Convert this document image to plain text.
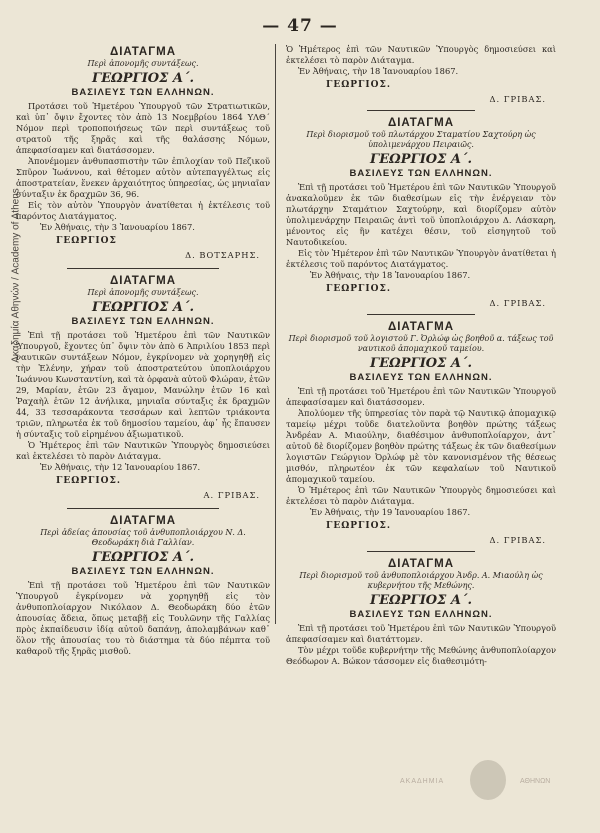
— 47 —
Ακαδημία Αθηνών / Academy of Athens
ΔΙΑΤΑΓΜΑ
Περὶ ἀπονομῆς συντάξεως.
ΓΕΩΡΓΙΟΣ Α΄.
ΒΑΣΙΛΕΥΣ ΤΩΝ ΕΛΛΗΝΩΝ.

Προτάσει τοῦ Ἡμετέρου Ὑπουργοῦ τῶν Στρατιωτικῶν, καὶ ὑπ᾽ ὄψιν ἔχοντες τὸν ἀπὸ 13 Νοεμβρίου 1864 ΥΛΘ΄ Νόμον περὶ τροποποιήσεως τῶν περὶ συντάξεως τοῦ στρατοῦ τῆς ξηρᾶς καὶ τῆς θαλάσσης Νόμων, ἀπεφασίσαμεν καὶ διατάσσομεν.

Ἀπονέμομεν ἀνθυπασπιστὴν τῶν ἐπιλοχίαν τοῦ Πεζικοῦ Σπῦρον Ἰωάννου, καὶ θέτομεν αὐτὸν αὐτεπαγγέλτως εἰς ἀποστρατείαν, ἕνεκεν ἀρχαιότητος ὑπηρεσίας, ὡς μηνιαῖαν σύνταξιν ἐκ δραχμῶν 36, 96.

Εἰς τὸν αὐτὸν Ὑπουργὸν ἀνατίθεται ἡ ἐκτέλεσις τοῦ παρόντος Διατάγματος.

Ἐν Ἀθήναις, τὴν 3 Ἰανουαρίου 1867.

ΓΕΩΡΓΙΟΣ
Δ. ΒΟΤΣΑΡΗΣ.
ΔΙΑΤΑΓΜΑ
Περὶ ἀπονομῆς συντάξεως.
ΓΕΩΡΓΙΟΣ Α΄.
ΒΑΣΙΛΕΥΣ ΤΩΝ ΕΛΛΗΝΩΝ.

Ἐπὶ τῇ προτάσει τοῦ Ἡμετέρου ἐπὶ τῶν Ναυτικῶν Ὑπουργοῦ, ἔχοντες ὑπ᾽ ὄψιν τὸν ἀπὸ 6 Ἀπριλίου 1853 περὶ ναυτικῶν συντάξεων Νόμον, ἐγκρίνομεν νὰ χορηγηθῇ εἰς τὴν Ἑλένην, χήραν τοῦ ἀποστρατεύτου ὑποπλοιάρχου Ἰωάννου Κωνσταντίνη, καὶ τὰ ὀρφανὰ αὐτοῦ Φλώραν, ἐτῶν 29, Μαρίαν, ἐτῶν 23 ἄγαμον, Μανώλην ἐτῶν 16 καὶ Ῥαχαὴλ ἐτῶν 12 ἀνήλικα, μηνιαῖα σύνταξις ἐκ δραχμῶν 44, 33 τεσσαράκοντα τεσσάρων καὶ λεπτῶν τριάκοντα τριῶν, πληρωτέα ἐκ τοῦ δημοσίου ταμείου, ἀφ᾽ ἧς ἔπαυσεν ἡ σύνταξις τοῦ εἰρημένου ἀξιωματικοῦ.

Ὁ Ἡμέτερος ἐπὶ τῶν Ναυτικῶν Ὑπουργὸς δημοσιεύσει καὶ ἐκτελέσει τὸ παρὸν Διάταγμα.

Ἐν Ἀθήναις, τὴν 12 Ἰανουαρίου 1867.

ΓΕΩΡΓΙΟΣ.
Α. ΓΡΙΒΑΣ.
ΔΙΑΤΑΓΜΑ
Περὶ ἀδείας ἀπουσίας τοῦ ἀνθυποπλοιάρχου Ν. Δ. Θεοδωράκη διὰ Γαλλίαν.
ΓΕΩΡΓΙΟΣ Α΄.
ΒΑΣΙΛΕΥΣ ΤΩΝ ΕΛΛΗΝΩΝ.

Ἐπὶ τῇ προτάσει τοῦ Ἡμετέρου ἐπὶ τῶν Ναυτικῶν Ὑπουργοῦ ἐγκρίνομεν νὰ χορηγηθῇ εἰς τὸν ἀνθυποπλοίαρχον Νικόλαον Δ. Θεοδωράκη δύο ἐτῶν ἀπουσίας ἄδεια, ὅπως μεταβῇ εἰς Τουλῶνην τῆς Γαλλίας πρὸς ἐκπαίδευσιν ἰδίᾳ αὐτοῦ δαπάνῃ, ἀπολαμβάνων καθ᾽ ὅλον τῆς ἀπουσίας του τὸ διάστημα τὰ δύο πέμπτα τοῦ καθαροῦ τῆς ξηρᾶς μισθοῦ.

Ὁ Ἡμέτερος ἐπὶ τῶν Ναυτικῶν Ὑπουργὸς δημοσιεύσει καὶ ἐκτελέσει τὸ παρὸν Διάταγμα.

Ἐν Ἀθήναις, τὴν 18 Ἰανουαρίου 1867.

ΓΕΩΡΓΙΟΣ.
Δ. ΓΡΙΒΑΣ.
ΔΙΑΤΑΓΜΑ
Περὶ διορισμοῦ τοῦ πλωτάρχου Σταματίου Σαχτούρη ὡς ὑπολιμενάρχου Πειραιῶς.
ΓΕΩΡΓΙΟΣ Α΄.
ΒΑΣΙΛΕΥΣ ΤΩΝ ΕΛΛΗΝΩΝ.

Ἐπὶ τῇ προτάσει τοῦ Ἡμετέρου ἐπὶ τῶν Ναυτικῶν Ὑπουργοῦ ἀνακαλοῦμεν ἐκ τῶν διαθεσίμων εἰς τὴν ἐνέργειαν τὸν πλωτάρχην Σταμάτιον Σαχτούρην, καὶ διορίζομεν αὐτὸν ὑπολιμενάρχην Πειραιῶς ἀντὶ τοῦ ὑποπλοιάρχου Δ. Λάσκαρη, μένοντος εἰς ἣν κατέχει θέσιν, τοῦ εἰσηγητοῦ τοῦ Ναυτοδικείου.

Εἰς τὸν Ἡμέτερον ἐπὶ τῶν Ναυτικῶν Ὑπουργὸν ἀνατίθεται ἡ ἐκτέλεσις τοῦ παρόντος Διατάγματος.

Ἐν Ἀθήναις, τὴν 18 Ἰανουαρίου 1867.

ΓΕΩΡΓΙΟΣ.
Δ. ΓΡΙΒΑΣ.
ΔΙΑΤΑΓΜΑ
Περὶ διορισμοῦ τοῦ λογιστοῦ Γ. Ὀρλώφ ὡς βοηθοῦ α. τάξεως τοῦ ναυτικοῦ ἀπομαχικοῦ ταμείου.
ΓΕΩΡΓΙΟΣ Α΄.
ΒΑΣΙΛΕΥΣ ΤΩΝ ΕΛΛΗΝΩΝ.

Ἐπὶ τῇ προτάσει τοῦ Ἡμετέρου ἐπὶ τῶν Ναυτικῶν Ὑπουργοῦ ἀπεφασίσαμεν καὶ διατάσσομεν.

Ἀπολύομεν τῆς ὑπηρεσίας τὸν παρὰ τῷ Ναυτικῷ ἀπομαχικῷ ταμείῳ μέχρι τοῦδε διατελοῦντα βοηθὸν πρώτης τάξεως Ἀνδρέαν Α. Μιαούλην, διαθέσιμον ἀνθυποπλοίαρχον, ἀντ᾽ αὐτοῦ δὲ διορίζομεν βοηθὸν πρώτης τάξεως ἐκ τῶν διαθεσίμων λογιστῶν Γεώργιον Ὀρλώφ μὲ τὸν κανονισμένον τῆς θέσεως μισθόν, πληρωτέον ἐκ τῶν κεφαλαίων τοῦ Ναυτικοῦ ἀπομαχικοῦ ταμείου.

Ὁ Ἡμέτερος ἐπὶ τῶν Ναυτικῶν Ὑπουργὸς δημοσιεύσει καὶ ἐκτελέσει τὸ παρὸν Διάταγμα.

Ἐν Ἀθήναις, τὴν 19 Ἰανουαρίου 1867.

ΓΕΩΡΓΙΟΣ.
Δ. ΓΡΙΒΑΣ.
ΔΙΑΤΑΓΜΑ
Περὶ διορισμοῦ τοῦ ἀνθυποπλοιάρχου Ἀνδρ. Α. Μιαούλη ὡς κυβερνήτου τῆς Μεθώνης.
ΓΕΩΡΓΙΟΣ Α΄.
ΒΑΣΙΛΕΥΣ ΤΩΝ ΕΛΛΗΝΩΝ.

Ἐπὶ τῇ προτάσει τοῦ Ἡμετέρου ἐπὶ τῶν Ναυτικῶν Ὑπουργοῦ ἀπεφασίσαμεν καὶ διατάττομεν.

Τὸν μέχρι τοῦδε κυβερνήτην τῆς Μεθώνης ἀνθυποπλοίαρχον Θεόδωρον Α. Βώκον τάσσομεν εἰς διαθεσιμότη-

ΑΚΑΔΗΜΙΑ	ΑΘΗΝΩΝ
